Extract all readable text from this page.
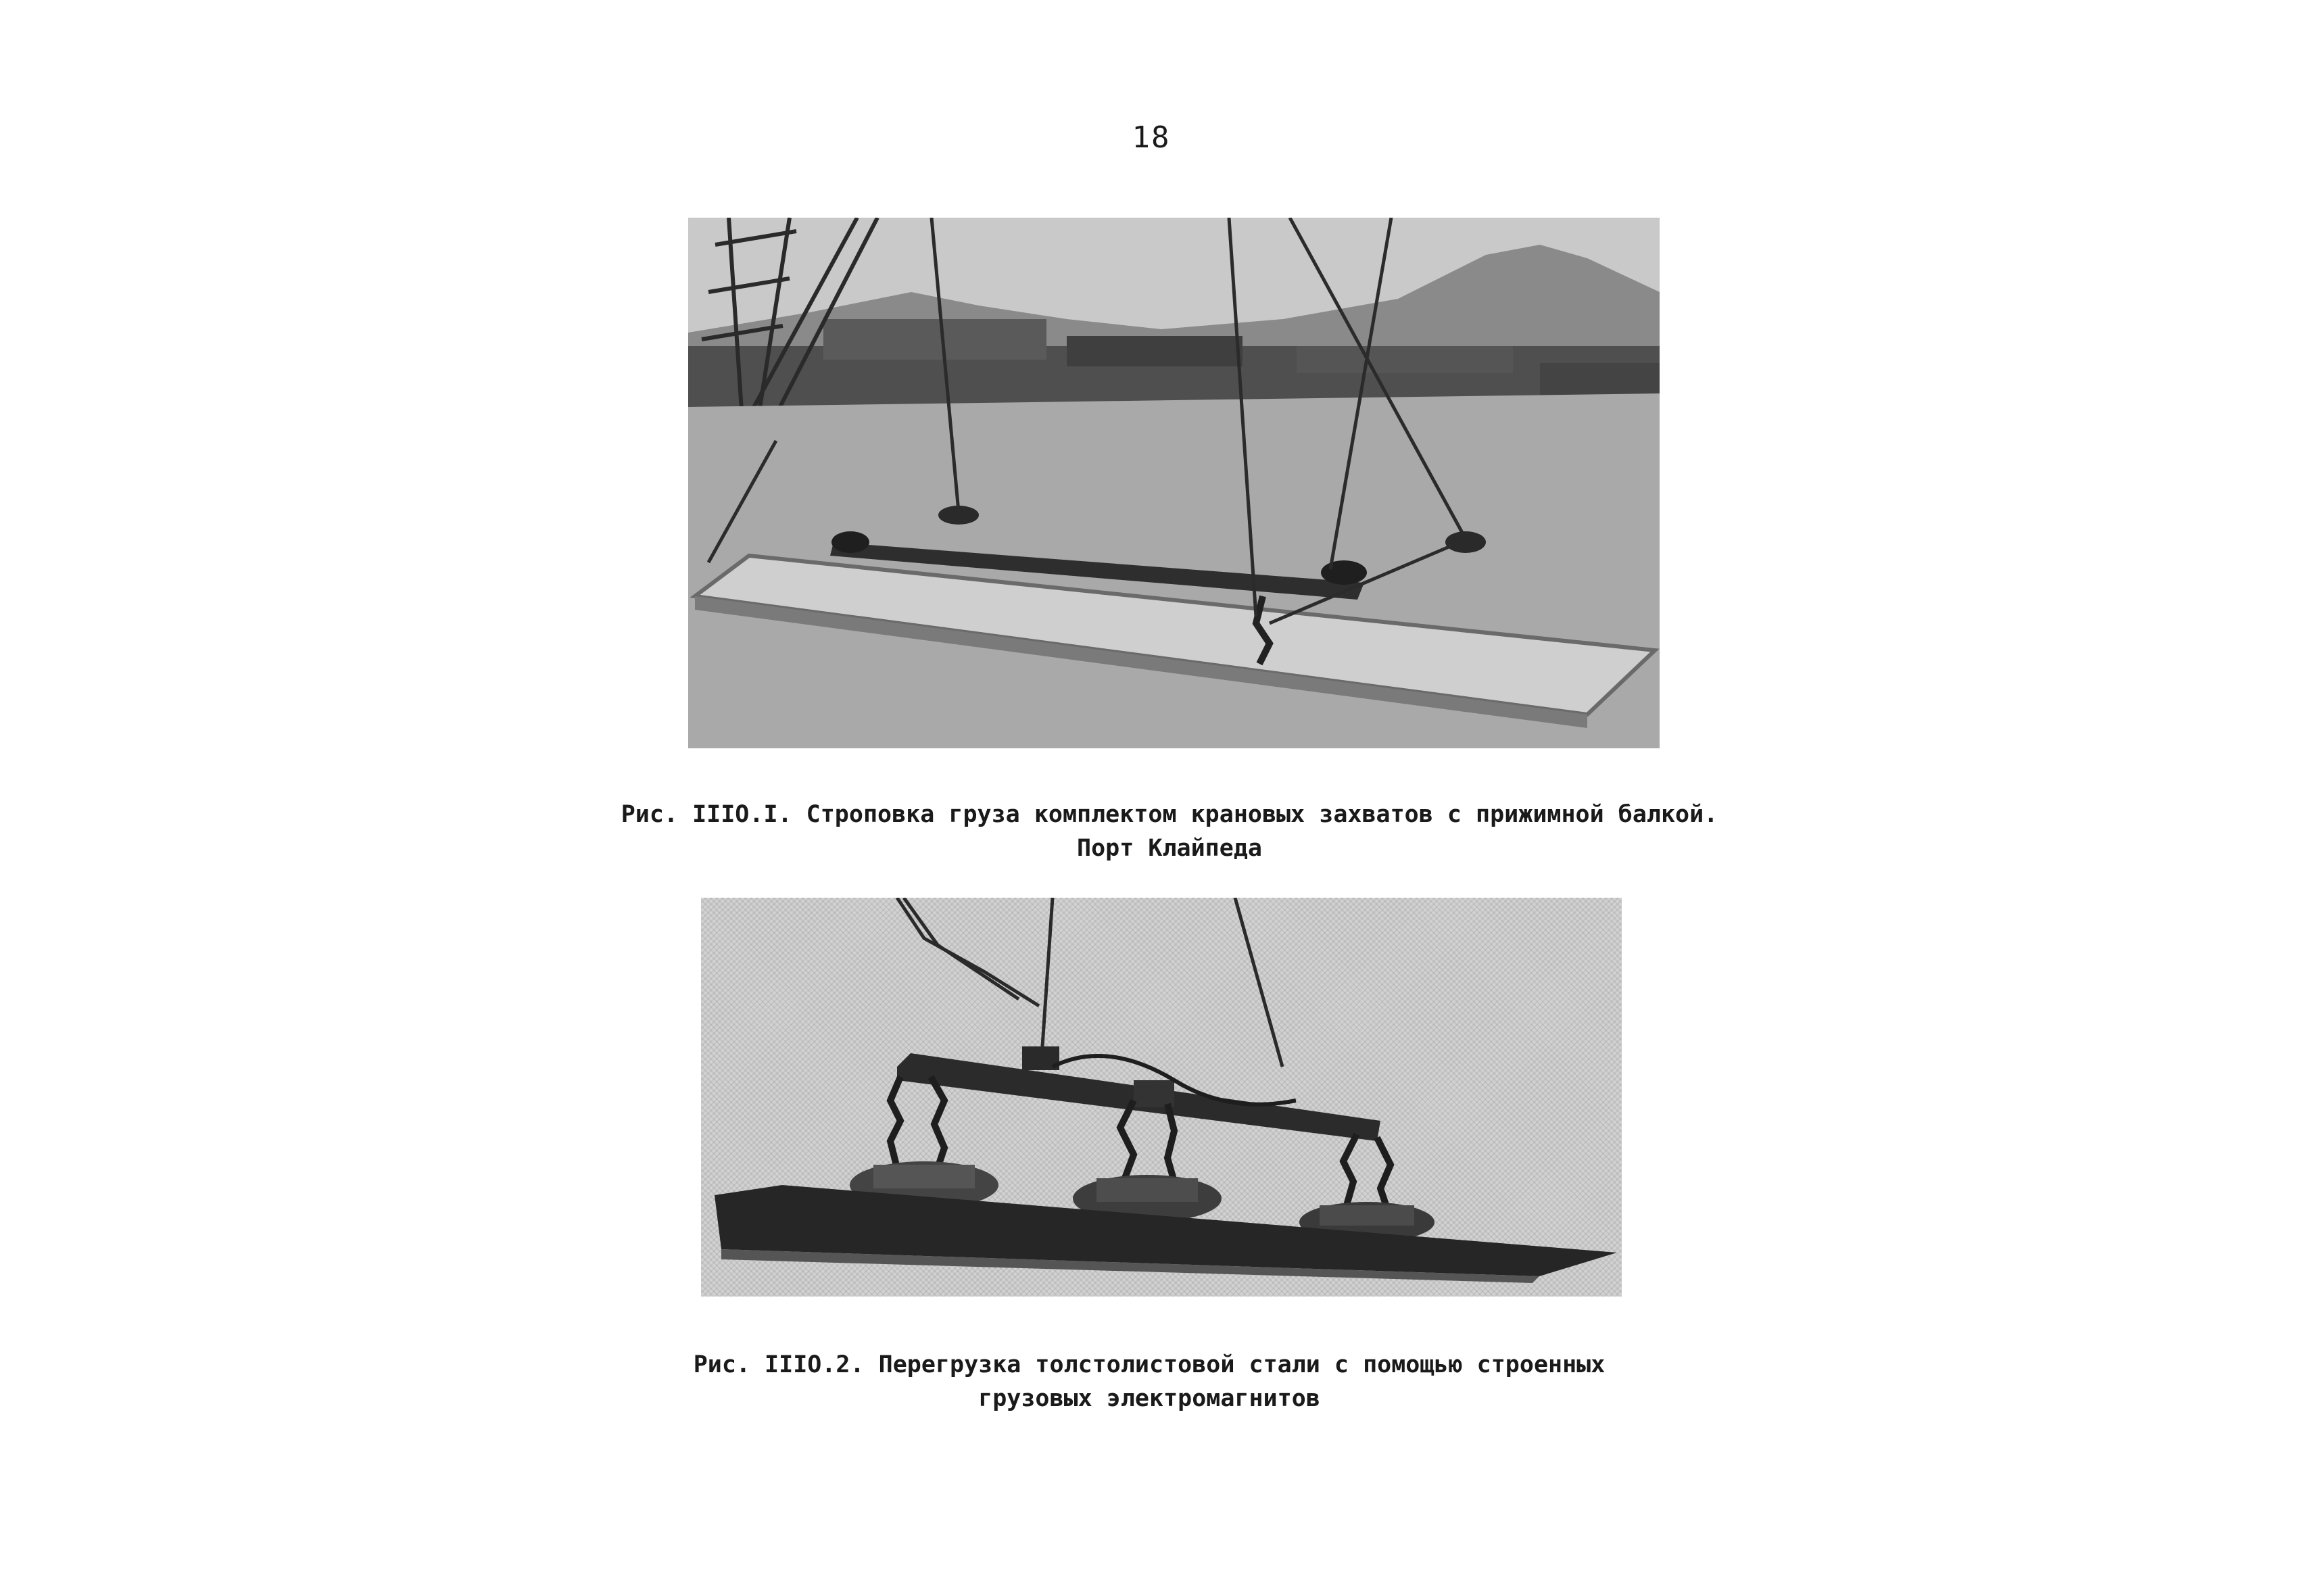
18
Рис. IIIО.I. Строповка груза комплектом крановых захватов с прижимной балкой.
Порт Клайпеда
Рис. IIIО.2. Перегрузка толстолистовой стали с помощью строенных
грузовых электромагнитов
